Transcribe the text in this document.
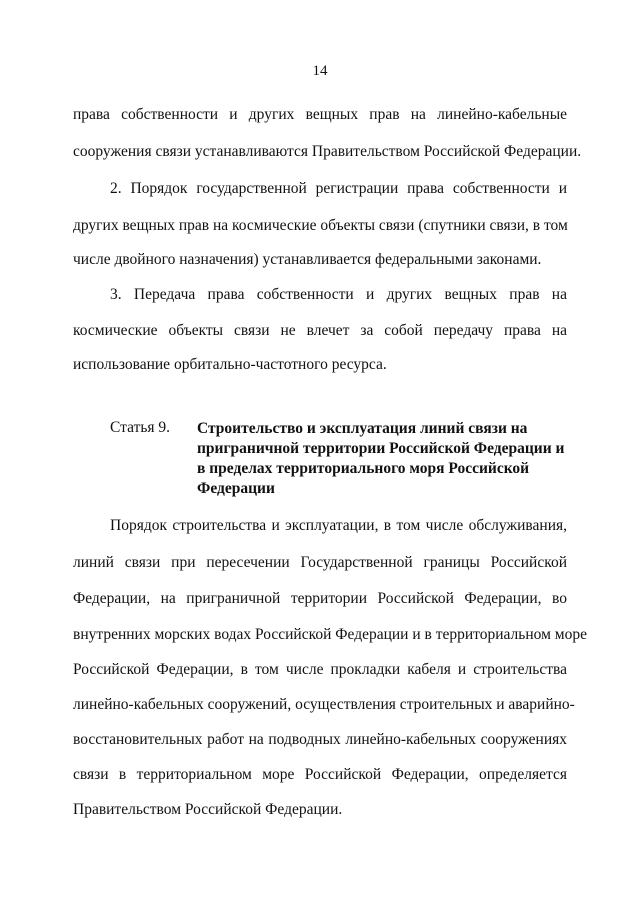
14
права собственности и других вещных прав на линейно-кабельные
сооружения связи устанавливаются Правительством Российской Федерации.
2. Порядок государственной регистрации права собственности и
других вещных прав на космические объекты связи (спутники связи, в том
числе двойного назначения) устанавливается федеральными законами.
3. Передача права собственности и других вещных прав на
космические объекты связи не влечет за собой передачу права на
использование орбитально-частотного ресурса.
Статья 9. Строительство и эксплуатация линий связи на приграничной территории Российской Федерации и в пределах территориального моря Российской Федерации
Порядок строительства и эксплуатации, в том числе обслуживания,
линий связи при пересечении Государственной границы Российской
Федерации, на приграничной территории Российской Федерации, во
внутренних морских водах Российской Федерации и в территориальном море
Российской Федерации, в том числе прокладки кабеля и строительства
линейно-кабельных сооружений, осуществления строительных и аварийно-
восстановительных работ на подводных линейно-кабельных сооружениях
связи в территориальном море Российской Федерации, определяется
Правительством Российской Федерации.
